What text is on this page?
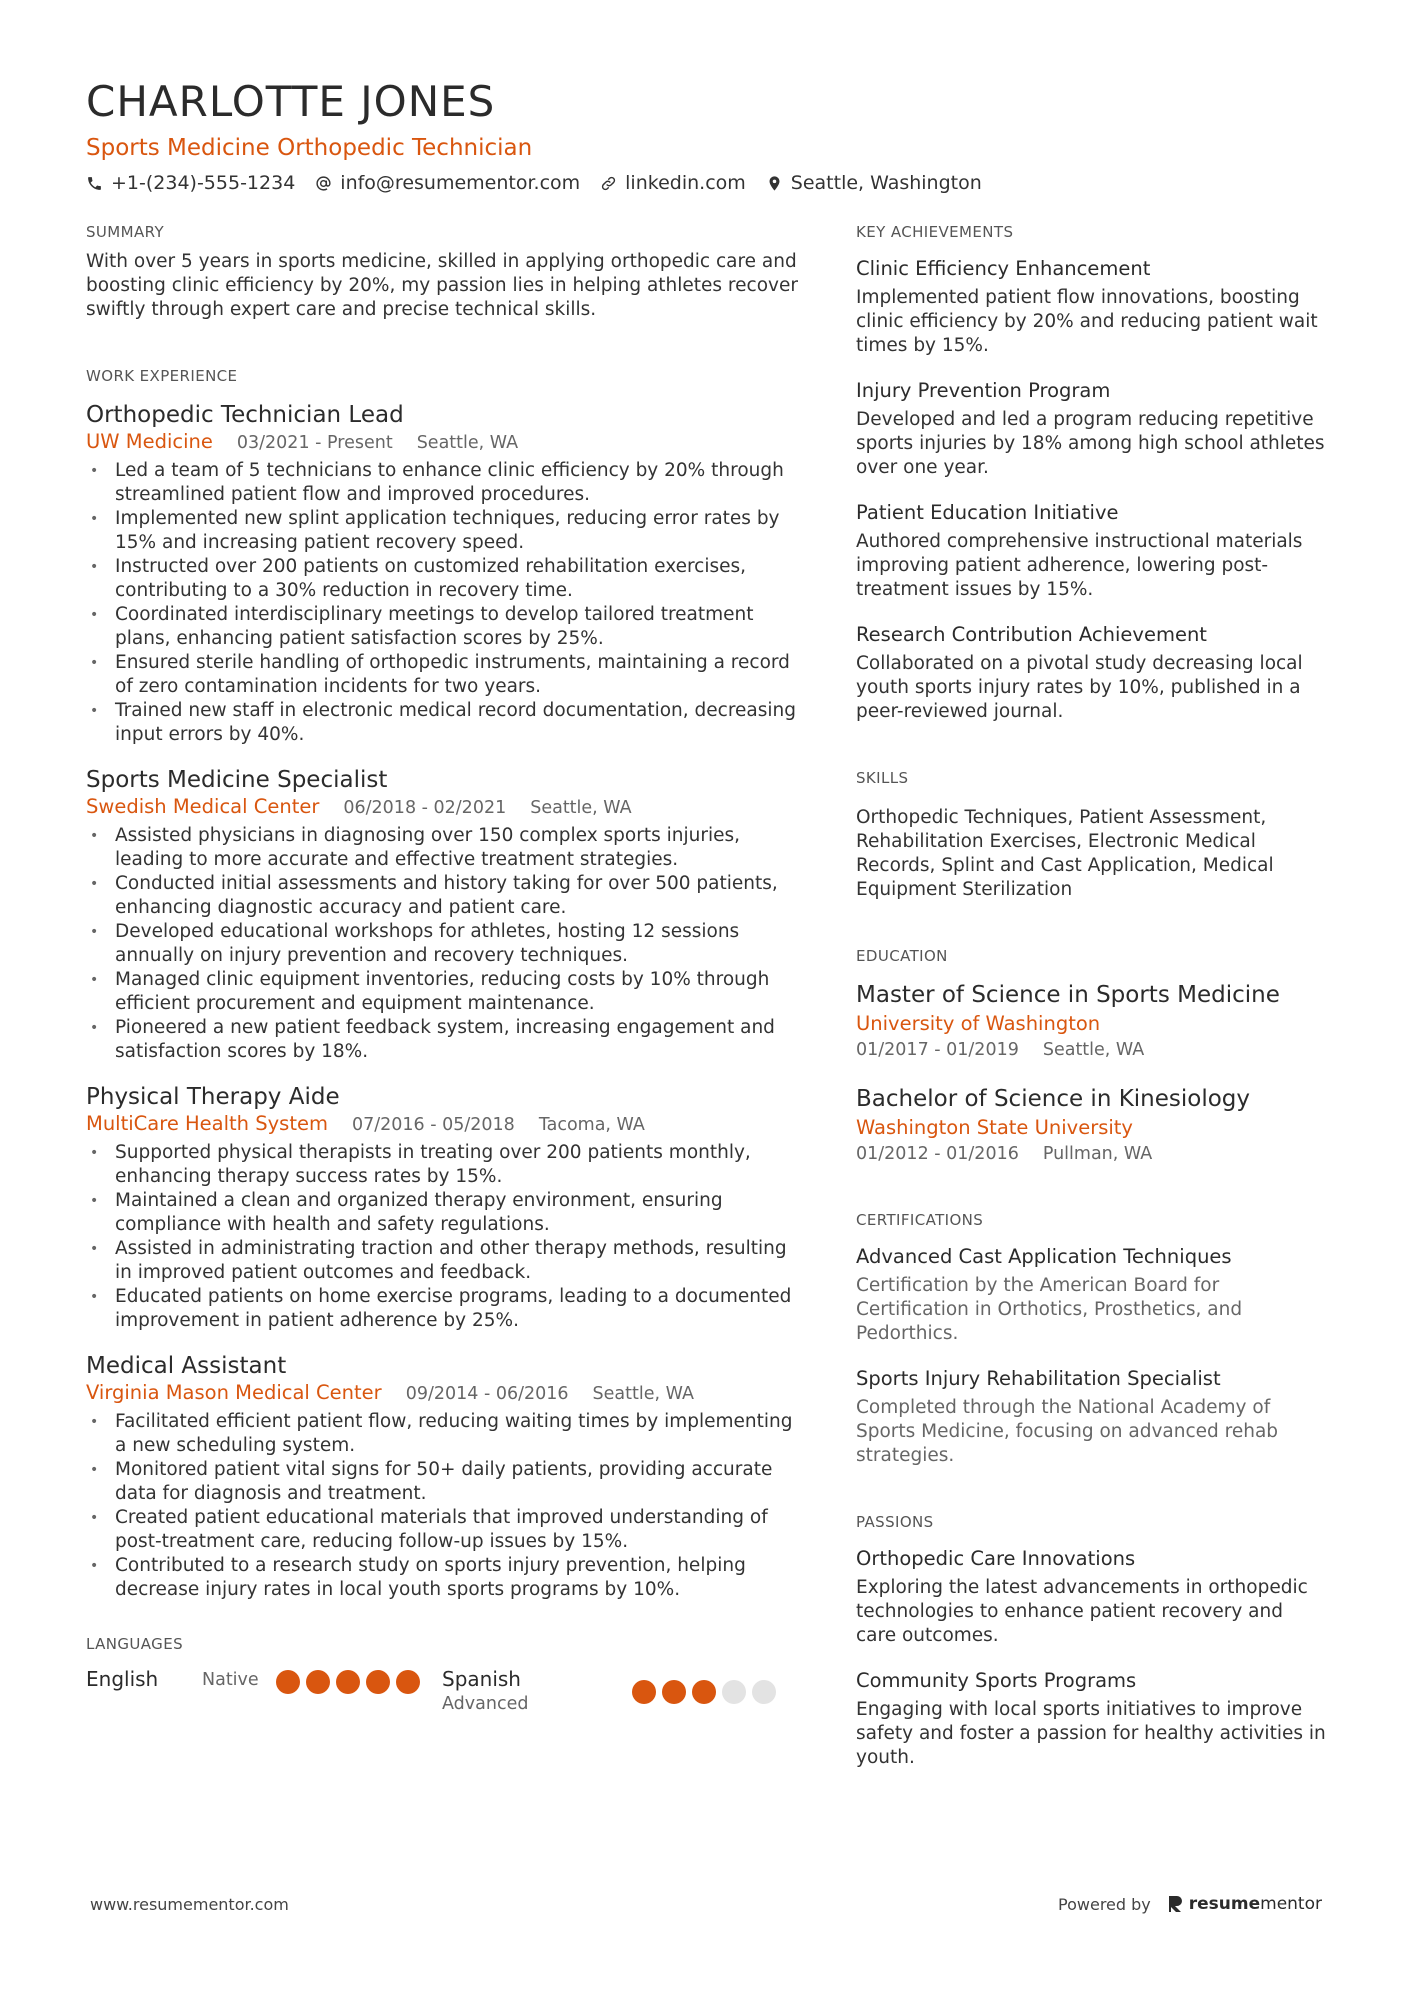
CHARLOTTE JONES
Sports Medicine Orthopedic Technician
+1-(234)-555-1234 info@resumementor.com linkedin.com Seattle, Washington
SUMMARY

With over 5 years in sports medicine, skilled in applying orthopedic care and boosting clinic efficiency by 20%, my passion lies in helping athletes recover swiftly through expert care and precise technical skills.

WORK EXPERIENCE
Orthopedic Technician Lead
UW Medicine 03/2021 - Present Seattle, WA
• Led a team of 5 technicians to enhance clinic efficiency by 20% through streamlined patient flow and improved procedures.
• Implemented new splint application techniques, reducing error rates by 15% and increasing patient recovery speed.
• Instructed over 200 patients on customized rehabilitation exercises, contributing to a 30% reduction in recovery time.
• Coordinated interdisciplinary meetings to develop tailored treatment plans, enhancing patient satisfaction scores by 25%.
• Ensured sterile handling of orthopedic instruments, maintaining a record of zero contamination incidents for two years.
• Trained new staff in electronic medical record documentation, decreasing input errors by 40%.
Sports Medicine Specialist
Swedish Medical Center 06/2018 - 02/2021 Seattle, WA
• Assisted physicians in diagnosing over 150 complex sports injuries, leading to more accurate and effective treatment strategies.
• Conducted initial assessments and history taking for over 500 patients, enhancing diagnostic accuracy and patient care.
• Developed educational workshops for athletes, hosting 12 sessions annually on injury prevention and recovery techniques.
• Managed clinic equipment inventories, reducing costs by 10% through efficient procurement and equipment maintenance.
• Pioneered a new patient feedback system, increasing engagement and satisfaction scores by 18%.
Physical Therapy Aide
MultiCare Health System 07/2016 - 05/2018 Tacoma, WA
• Supported physical therapists in treating over 200 patients monthly, enhancing therapy success rates by 15%.
• Maintained a clean and organized therapy environment, ensuring compliance with health and safety regulations.
• Assisted in administrating traction and other therapy methods, resulting in improved patient outcomes and feedback.
• Educated patients on home exercise programs, leading to a documented improvement in patient adherence by 25%.
Medical Assistant
Virginia Mason Medical Center 09/2014 - 06/2016 Seattle, WA
• Facilitated efficient patient flow, reducing waiting times by implementing a new scheduling system.
• Monitored patient vital signs for 50+ daily patients, providing accurate data for diagnosis and treatment.
• Created patient educational materials that improved understanding of post-treatment care, reducing follow-up issues by 15%.
• Contributed to a research study on sports injury prevention, helping decrease injury rates in local youth sports programs by 10%.
LANGUAGES
English	Native	Spanish
Advanced
KEY ACHIEVEMENTS
Clinic Efficiency Enhancement
Implemented patient flow innovations, boosting clinic efficiency by 20% and reducing patient wait times by 15%.
Injury Prevention Program
Developed and led a program reducing repetitive sports injuries by 18% among high school athletes over one year.
Patient Education Initiative
Authored comprehensive instructional materials improving patient adherence, lowering post-treatment issues by 15%.
Research Contribution Achievement
Collaborated on a pivotal study decreasing local youth sports injury rates by 10%, published in a peer-reviewed journal.
SKILLS
Orthopedic Techniques, Patient Assessment, Rehabilitation Exercises, Electronic Medical Records, Splint and Cast Application, Medical Equipment Sterilization
EDUCATION
Master of Science in Sports Medicine
University of Washington
01/2017 - 01/2019 Seattle, WA
Bachelor of Science in Kinesiology
Washington State University
01/2012 - 01/2016 Pullman, WA
CERTIFICATIONS
Advanced Cast Application Techniques
Certification by the American Board for Certification in Orthotics, Prosthetics, and Pedorthics.
Sports Injury Rehabilitation Specialist
Completed through the National Academy of Sports Medicine, focusing on advanced rehab strategies.
PASSIONS
Orthopedic Care Innovations
Exploring the latest advancements in orthopedic technologies to enhance patient recovery and care outcomes.
Community Sports Programs
Engaging with local sports initiatives to improve safety and foster a passion for healthy activities in youth.
www.resumementor.com	Powered by resumementor
